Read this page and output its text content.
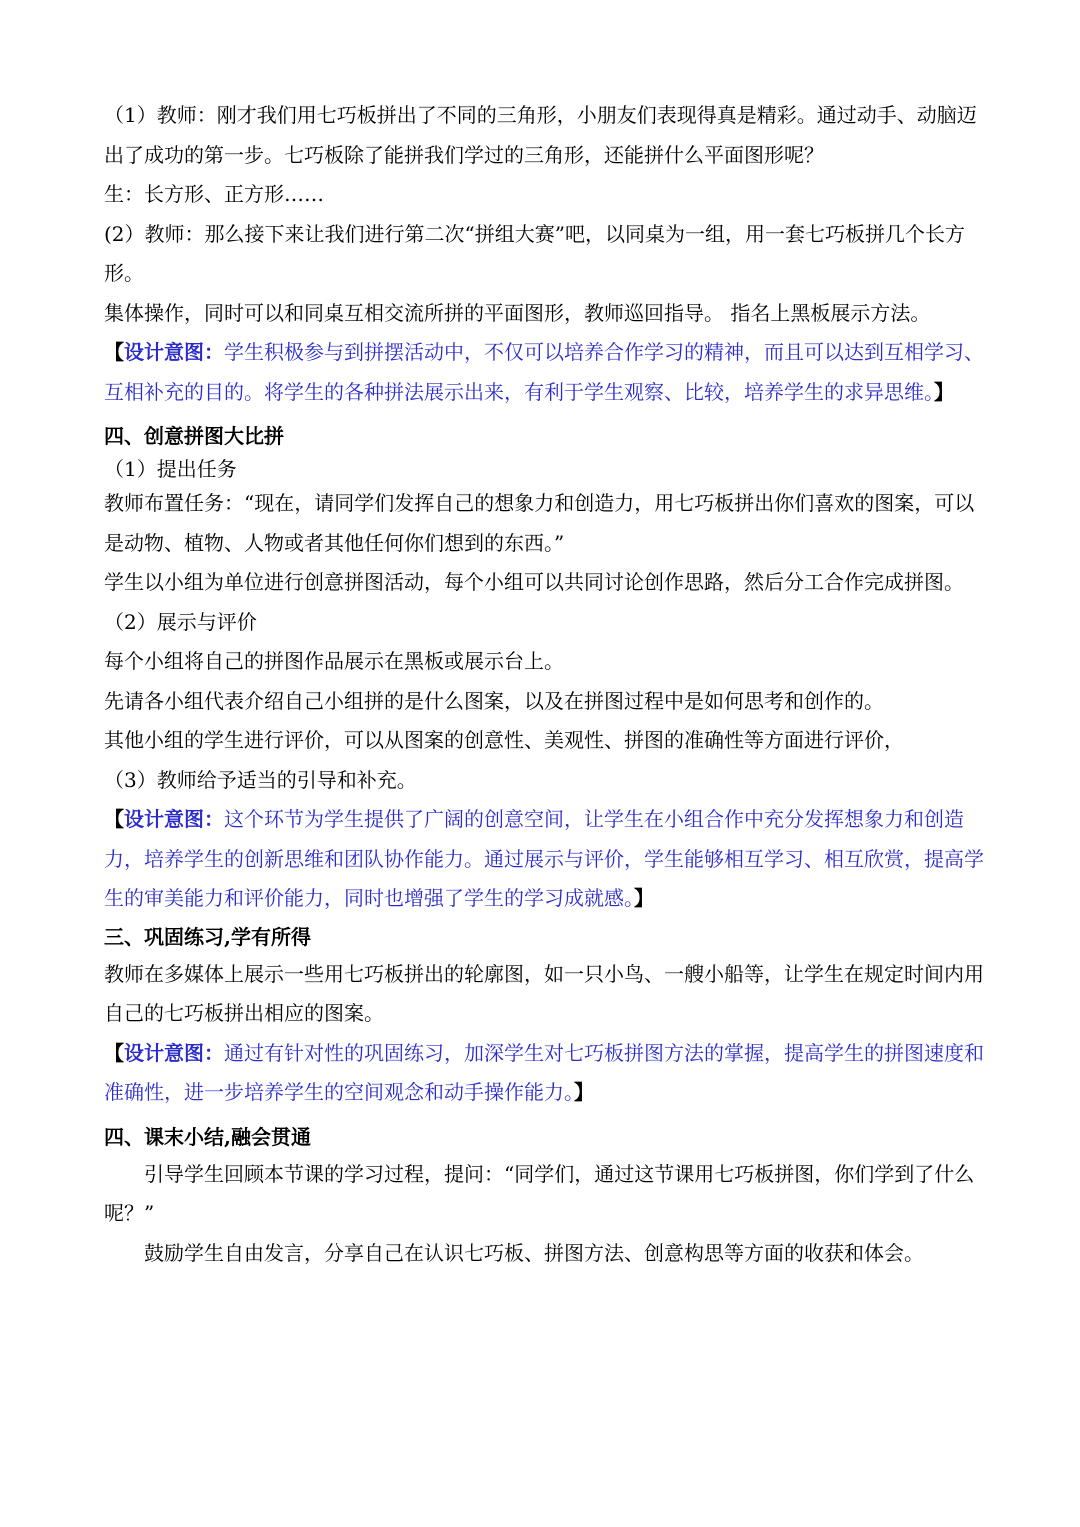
（1）教师：刚才我们用七巧板拼出了不同的三角形，小朋友们表现得真是精彩。通过动手、动脑迈出了成功的第一步。七巧板除了能拼我们学过的三角形，还能拼什么平面图形呢？

生：长方形、正方形……

(2）教师：那么接下来让我们进行第二次“拼组大赛”吧，以同桌为一组，用一套七巧板拼几个长方形。

集体操作，同时可以和同桌互相交流所拼的平面图形，教师巡回指导。 指名上黑板展示方法。

【设计意图：学生积极参与到拼摆活动中，不仅可以培养合作学习的精神，而且可以达到互相学习、互相补充的目的。将学生的各种拼法展示出来，有利于学生观察、比较，培养学生的求异思维。】

四、创意拼图大比拼

（1）提出任务

教师布置任务：“现在，请同学们发挥自己的想象力和创造力，用七巧板拼出你们喜欢的图案，可以是动物、植物、人物或者其他任何你们想到的东西。”

学生以小组为单位进行创意拼图活动，每个小组可以共同讨论创作思路，然后分工合作完成拼图。

（2）展示与评价

每个小组将自己的拼图作品展示在黑板或展示台上。

先请各小组代表介绍自己小组拼的是什么图案，以及在拼图过程中是如何思考和创作的。

其他小组的学生进行评价，可以从图案的创意性、美观性、拼图的准确性等方面进行评价，

（3）教师给予适当的引导和补充。

【设计意图：这个环节为学生提供了广阔的创意空间，让学生在小组合作中充分发挥想象力和创造力，培养学生的创新思维和团队协作能力。通过展示与评价，学生能够相互学习、相互欣赏，提高学生的审美能力和评价能力，同时也增强了学生的学习成就感。】

三、巩固练习,学有所得

教师在多媒体上展示一些用七巧板拼出的轮廓图，如一只小鸟、一艘小船等，让学生在规定时间内用自己的七巧板拼出相应的图案。

【设计意图：通过有针对性的巩固练习，加深学生对七巧板拼图方法的掌握，提高学生的拼图速度和准确性，进一步培养学生的空间观念和动手操作能力。】

四、课末小结,融会贯通

引导学生回顾本节课的学习过程，提问：“同学们，通过这节课用七巧板拼图，你们学到了什么呢？”

鼓励学生自由发言，分享自己在认识七巧板、拼图方法、创意构思等方面的收获和体会。
